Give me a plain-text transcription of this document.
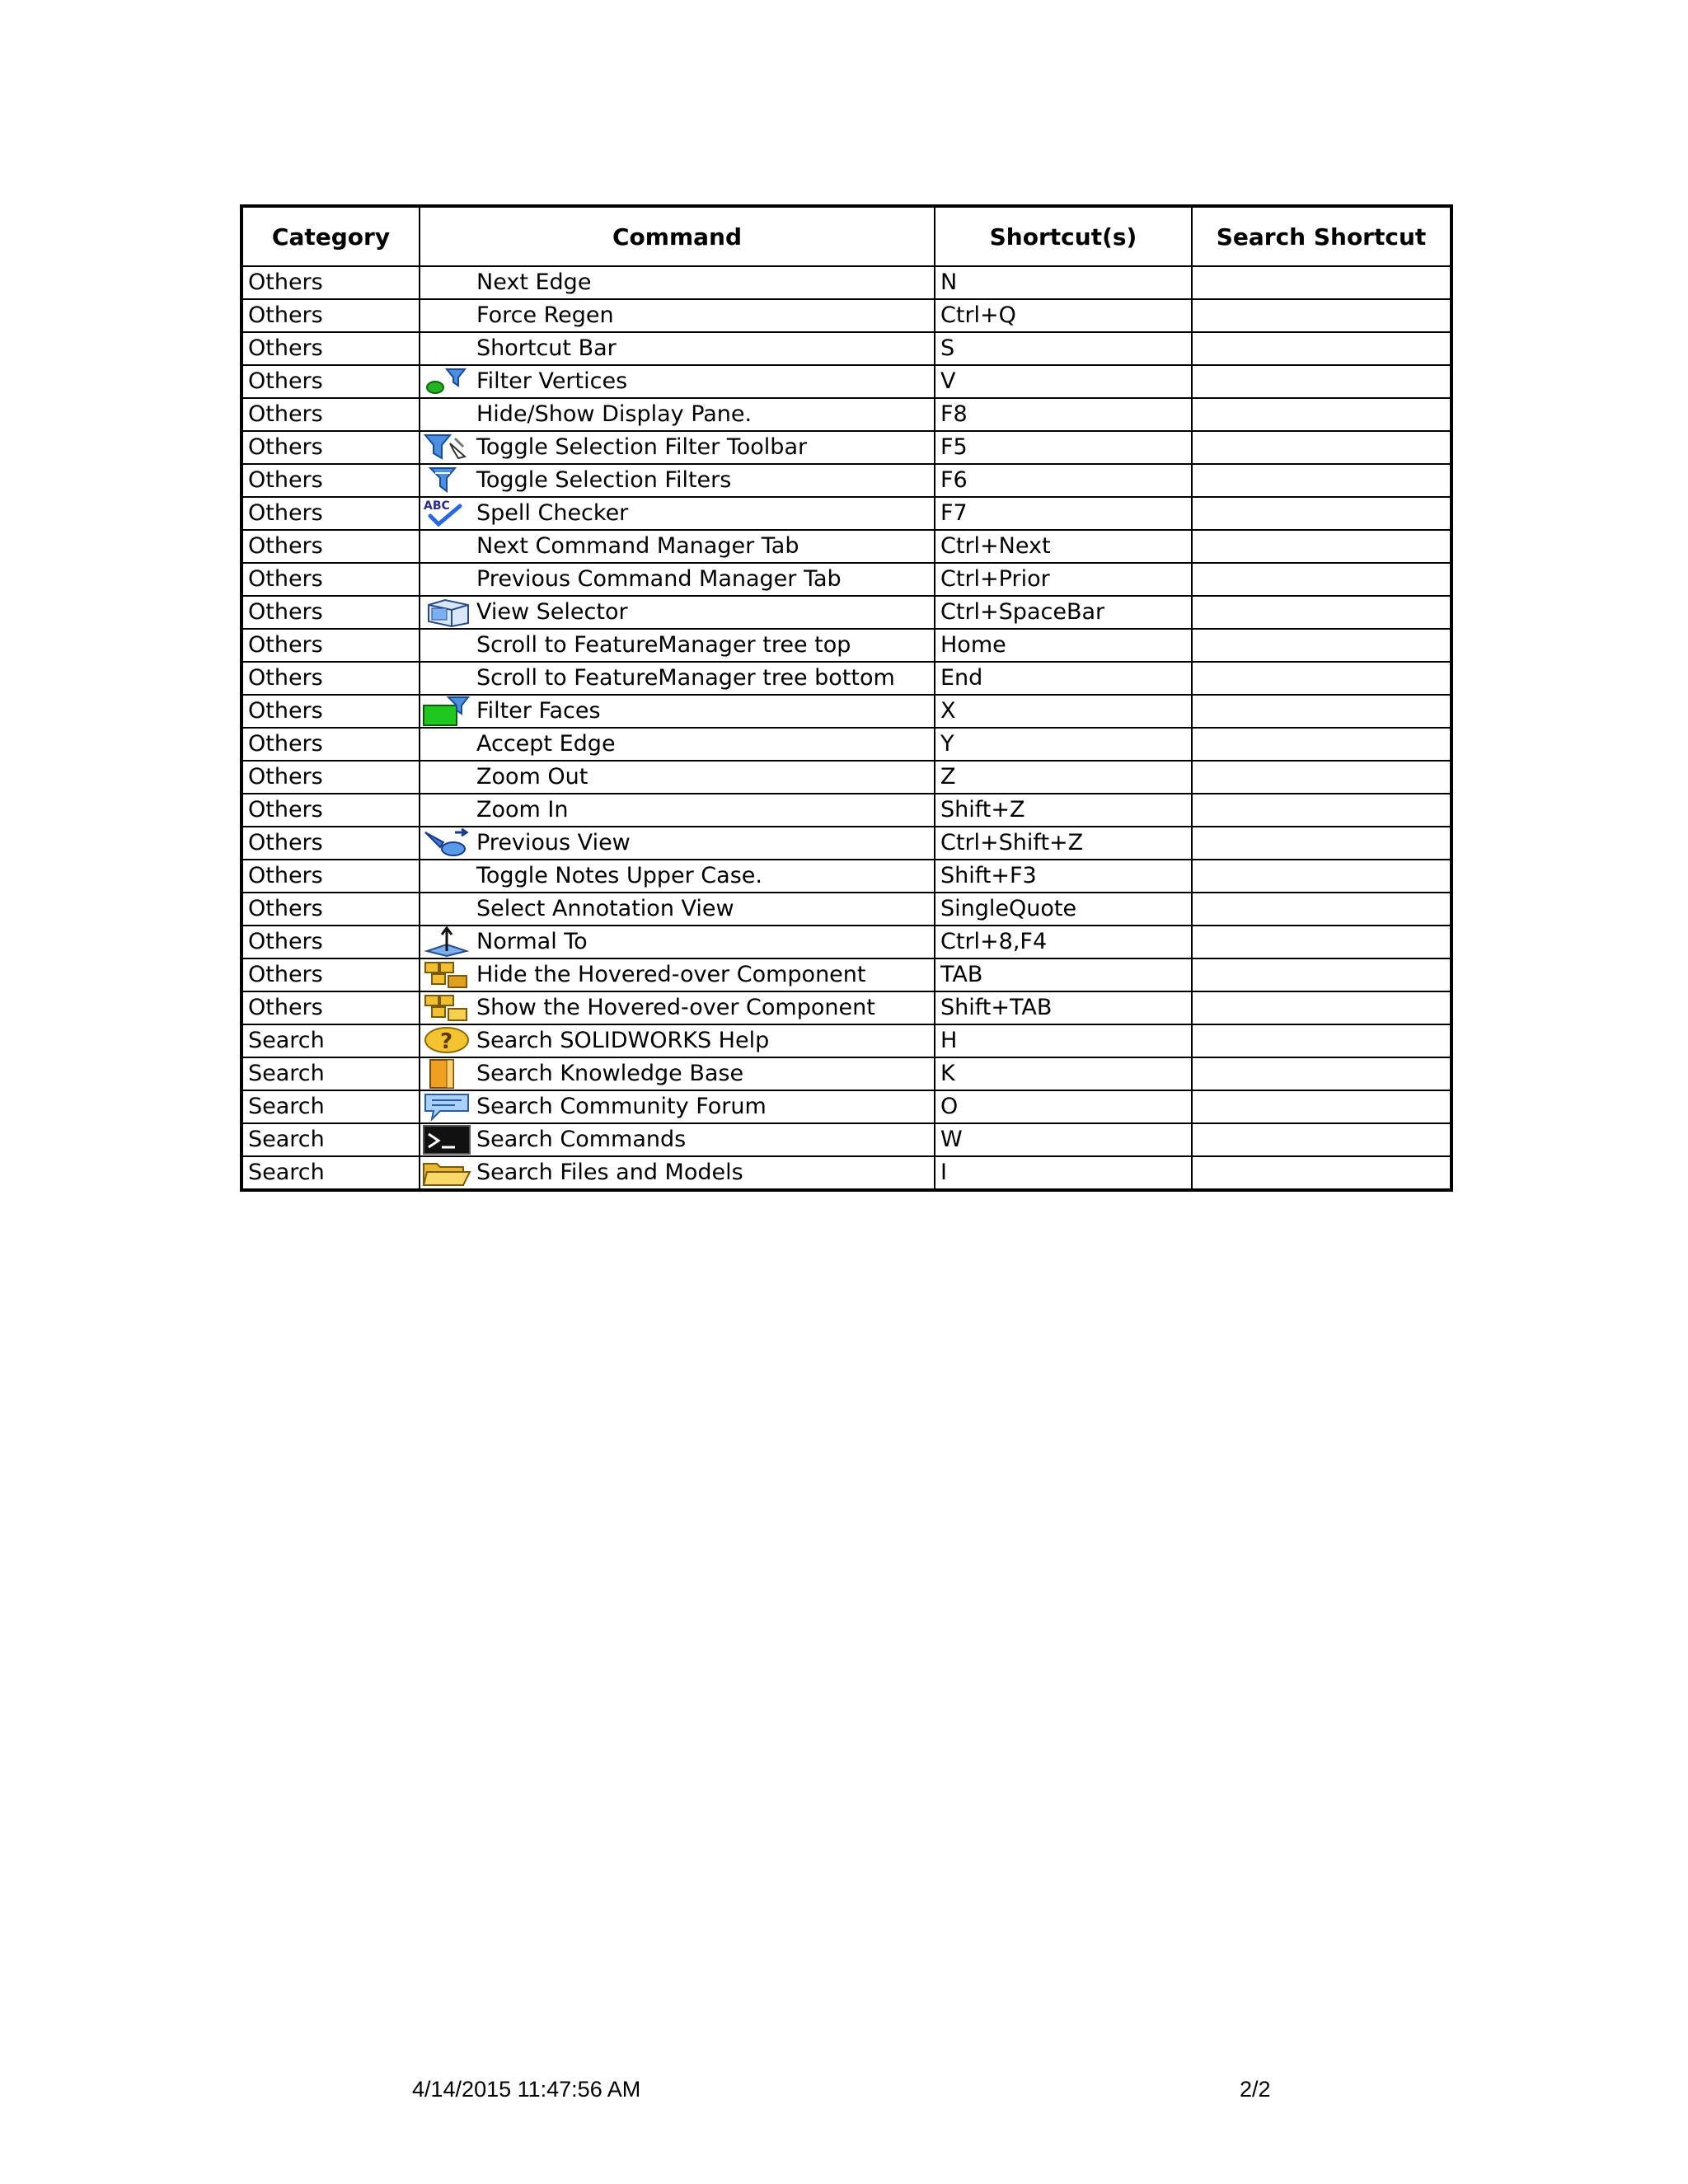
Category	Command	Shortcut(s)	Search Shortcut
Others	Next Edge	N	
Others	Force Regen	Ctrl+Q	
Others	Shortcut Bar	S	
Others	Filter Vertices	V	
Others	Hide/Show Display Pane.	F8	
Others	Toggle Selection Filter Toolbar	F5	
Others	Toggle Selection Filters	F6	
Others	ABC Spell Checker	F7	
Others	Next Command Manager Tab	Ctrl+Next	
Others	Previous Command Manager Tab	Ctrl+Prior	
Others	View Selector	Ctrl+SpaceBar	
Others	Scroll to FeatureManager tree top	Home	
Others	Scroll to FeatureManager tree bottom	End	
Others	Filter Faces	X	
Others	Accept Edge	Y	
Others	Zoom Out	Z	
Others	Zoom In	Shift+Z	
Others	Previous View	Ctrl+Shift+Z	
Others	Toggle Notes Upper Case.	Shift+F3	
Others	Select Annotation View	SingleQuote	
Others	Normal To	Ctrl+8,F4	
Others	Hide the Hovered-over Component	TAB	
Others	Show the Hovered-over Component	Shift+TAB	
Search	? Search SOLIDWORKS Help	H	
Search	Search Knowledge Base	K	
Search	Search Community Forum	O	
Search	Search Commands	W	
Search	Search Files and Models	I	
4/14/2015 11:47:56 AM	2/2
